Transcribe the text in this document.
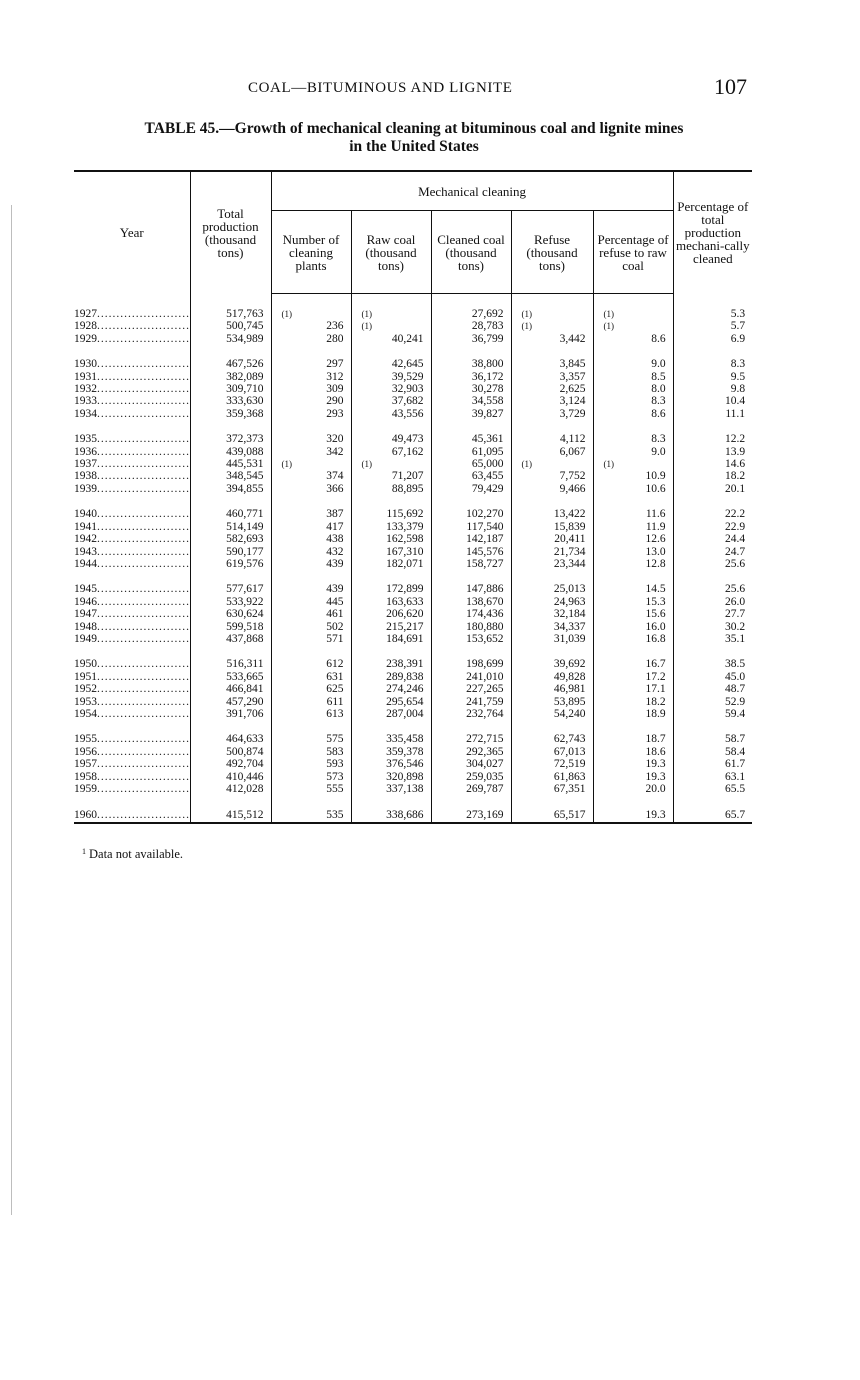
COAL—BITUMINOUS AND LIGNITE	107
TABLE 45.—Growth of mechanical cleaning at bituminous coal and lignite mines
in the United States
Year	Total production (thousand tons)	Mechanical cleaning					Percentage of total production mechani-cally cleaned
		Number of cleaning plants	Raw coal (thousand tons)	Cleaned coal (thousand tons)	Refuse (thousand tons)	Percentage of refuse to raw coal	

1927 .....	517,763	(1)	(1)	27,692	(1)	(1)	5.3
1928 .....	500,745	236	(1)	28,783	(1)	(1)	5.7
1929 .....	534,989	280	40,241	36,799	3,442	8.6	6.9

1930 .....	467,526	297	42,645	38,800	3,845	9.0	8.3
1931 .....	382,089	312	39,529	36,172	3,357	8.5	9.5
1932 .....	309,710	309	32,903	30,278	2,625	8.0	9.8
1933 .....	333,630	290	37,682	34,558	3,124	8.3	10.4
1934 .....	359,368	293	43,556	39,827	3,729	8.6	11.1

1935 .....	372,373	320	49,473	45,361	4,112	8.3	12.2
1936 .....	439,088	342	67,162	61,095	6,067	9.0	13.9
1937 .....	445,531	(1)	(1)	65,000	(1)	(1)	14.6
1938 .....	348,545	374	71,207	63,455	7,752	10.9	18.2
1939 .....	394,855	366	88,895	79,429	9,466	10.6	20.1

1940 .....	460,771	387	115,692	102,270	13,422	11.6	22.2
1941 .....	514,149	417	133,379	117,540	15,839	11.9	22.9
1942 .....	582,693	438	162,598	142,187	20,411	12.6	24.4
1943 .....	590,177	432	167,310	145,576	21,734	13.0	24.7
1944 .....	619,576	439	182,071	158,727	23,344	12.8	25.6

1945 .....	577,617	439	172,899	147,886	25,013	14.5	25.6
1946 .....	533,922	445	163,633	138,670	24,963	15.3	26.0
1947 .....	630,624	461	206,620	174,436	32,184	15.6	27.7
1948 .....	599,518	502	215,217	180,880	34,337	16.0	30.2
1949 .....	437,868	571	184,691	153,652	31,039	16.8	35.1

1950 .....	516,311	612	238,391	198,699	39,692	16.7	38.5
1951 .....	533,665	631	289,838	241,010	49,828	17.2	45.0
1952 .....	466,841	625	274,246	227,265	46,981	17.1	48.7
1953 .....	457,290	611	295,654	241,759	53,895	18.2	52.9
1954 .....	391,706	613	287,004	232,764	54,240	18.9	59.4

1955 .....	464,633	575	335,458	272,715	62,743	18.7	58.7
1956 .....	500,874	583	359,378	292,365	67,013	18.6	58.4
1957 .....	492,704	593	376,546	304,027	72,519	19.3	61.7
1958 .....	410,446	573	320,898	259,035	61,863	19.3	63.1
1959 .....	412,028	555	337,138	269,787	67,351	20.0	65.5

1960 .....	415,512	535	338,686	273,169	65,517	19.3	65.7
$^1$ Data not available.
